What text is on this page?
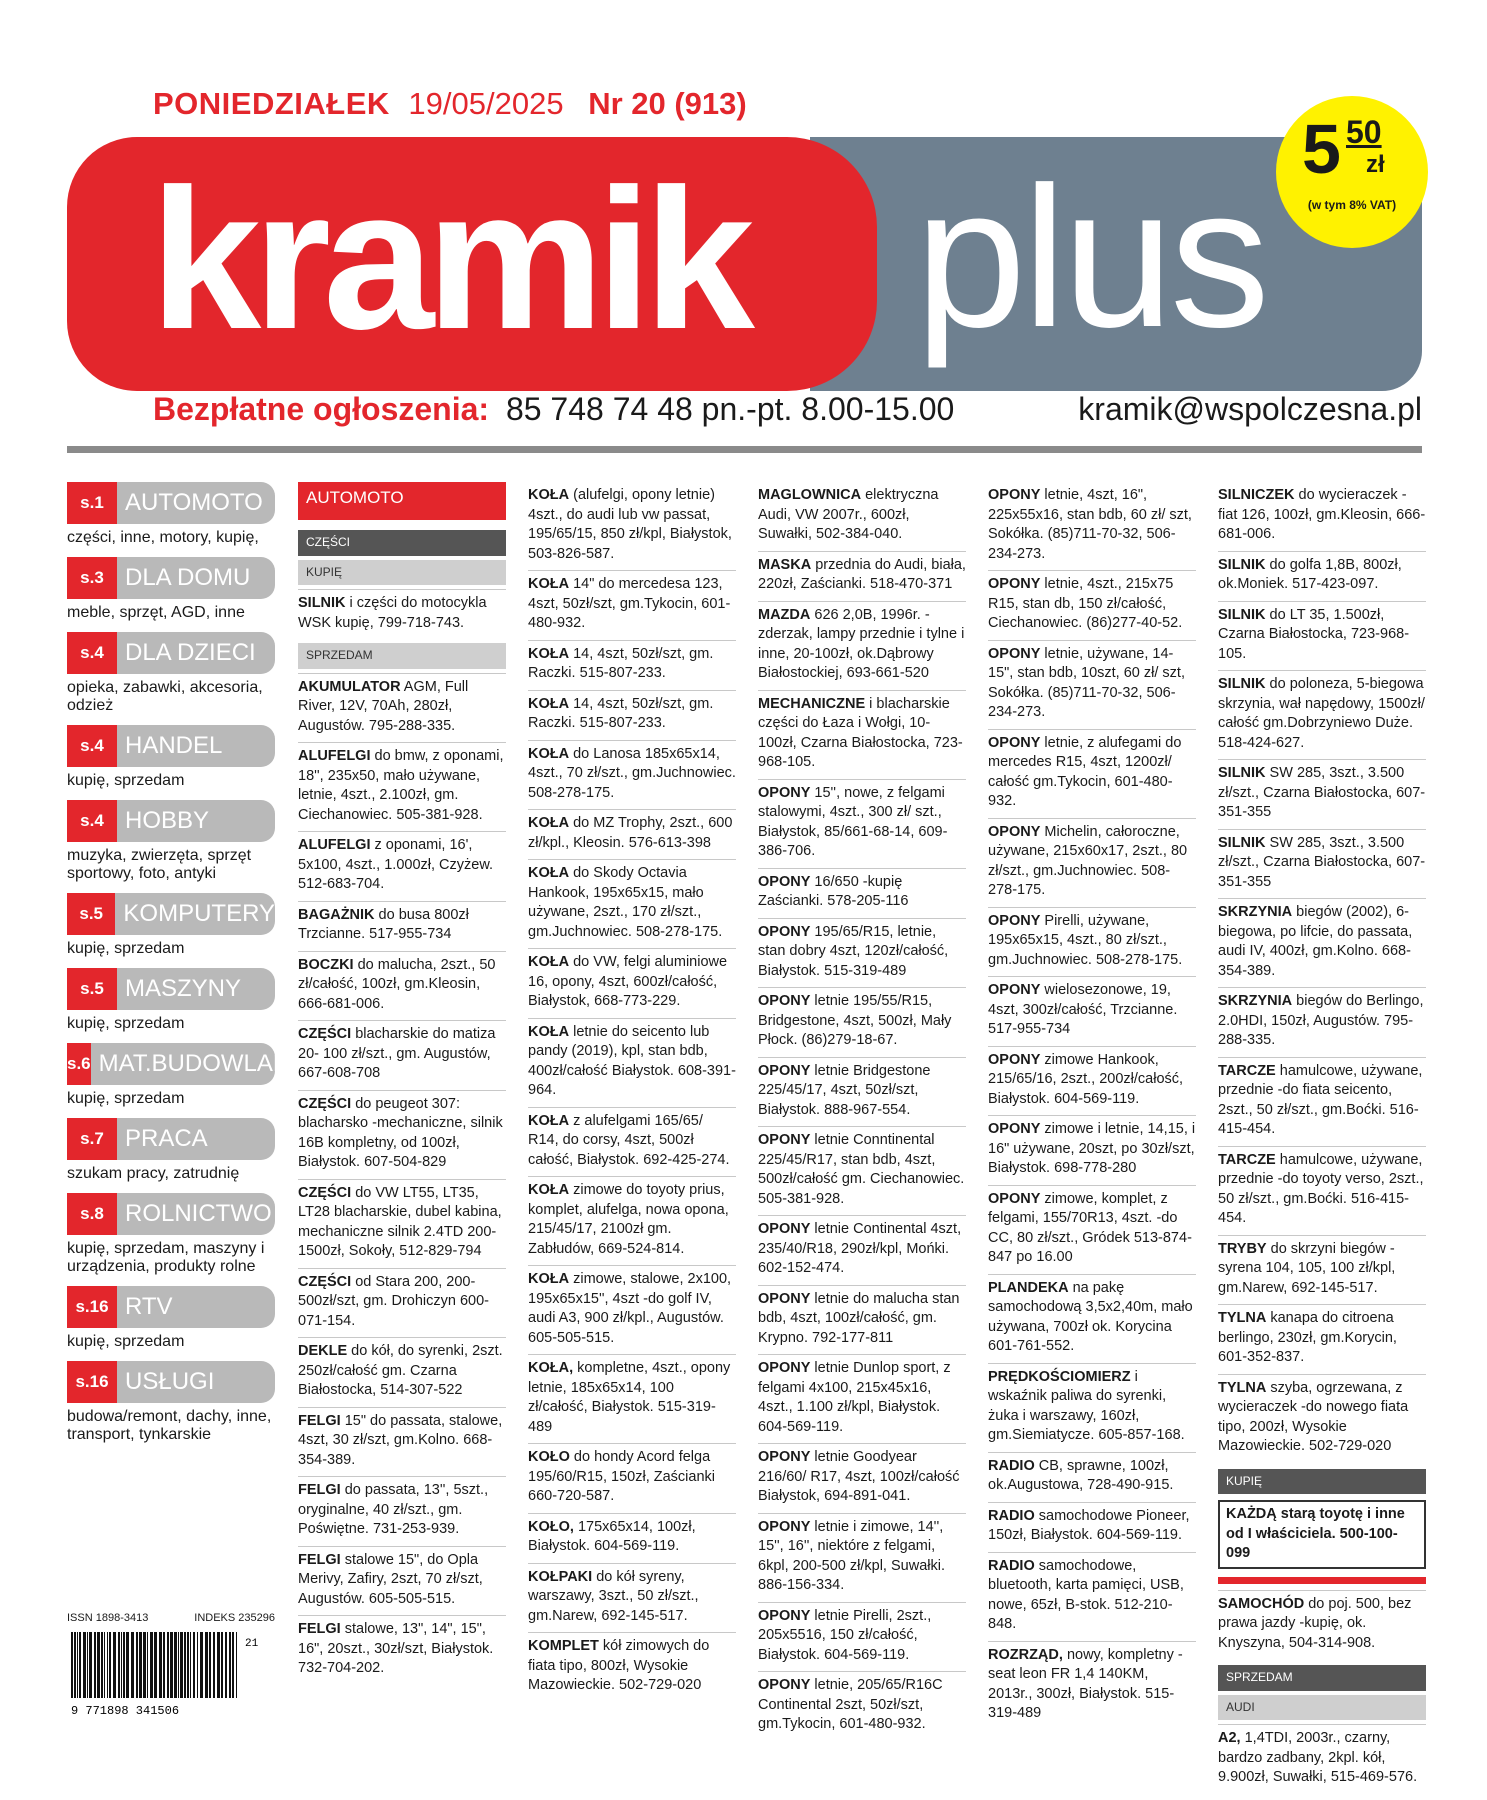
PONIEDZIAŁEK 19/05/2025 Nr 20 (913)
kramik plus 5 50
zł
(w tym 8% VAT)
Bezpłatne ogłoszenia: 85 748 74 48 pn.-pt. 8.00-15.00	kramik@wspolczesna.pl
s.1 AUTOMOTO

części, inne, motory, kupię,

s.3 DLA DOMU

meble, sprzęt, AGD, inne

s.4 DLA DZIECI

opieka, zabawki, akcesoria, odzież

s.4 HANDEL

kupię, sprzedam

s.4 HOBBY

muzyka, zwierzęta, sprzęt sportowy, foto, antyki

s.5 KOMPUTERY

kupię, sprzedam

s.5 MASZYNY

kupię, sprzedam

s.6 MAT.BUDOWLANE

kupię, sprzedam

s.7 PRACA

szukam pracy, zatrudnię

s.8 ROLNICTWO

kupię, sprzedam, maszyny i urządzenia, produkty rolne

s.16 RTV

kupię, sprzedam

s.16 USŁUGI

budowa/remont, dachy, inne, transport, tynkarskie

ISSN 1898-3413	INDEKS 235296
9 771898 341506
21
AUTOMOTO
CZĘŚCI
KUPIĘ
SILNIK i części do motocykla WSK kupię, 799-718-743.
SPRZEDAM
AKUMULATOR AGM, Full River, 12V, 70Ah, 280zł, Augustów. 795-288-335.
ALUFELGI do bmw, z oponami, 18'', 235x50, mało używane, letnie, 4szt., 2.100zł, gm. Ciechanowiec. 505-381-928.
ALUFELGI z oponami, 16', 5x100, 4szt., 1.000zł, Czyżew. 512-683-704.
BAGAŻNIK do busa 800zł Trzcianne. 517-955-734
BOCZKI do malucha, 2szt., 50 zł/całość, 100zł, gm.Kleosin, 666-681-006.
CZĘŚCI blacharskie do matiza 20- 100 zł/szt., gm. Augustów, 667-608-708
CZĘŚCI do peugeot 307: blacharsko -mechaniczne, silnik 16B kompletny, od 100zł, Białystok. 607-504-829
CZĘŚCI do VW LT55, LT35, LT28 blacharskie, dubel kabina, mechaniczne silnik 2.4TD 200-1500zł, Sokoły, 512-829-794
CZĘŚCI od Stara 200, 200-500zł/szt, gm. Drohiczyn 600-071-154.
DEKLE do kół, do syrenki, 2szt. 250zł/całość gm. Czarna Białostocka, 514-307-522
FELGI 15" do passata, stalowe, 4szt, 30 zł/szt, gm.Kolno. 668-354-389.
FELGI do passata, 13'', 5szt., oryginalne, 40 zł/szt., gm. Poświętne. 731-253-939.
FELGI stalowe 15", do Opla Merivy, Zafiry, 2szt, 70 zł/szt, Augustów. 605-505-515.
FELGI stalowe, 13", 14", 15", 16", 20szt., 30zł/szt, Białystok. 732-704-202.
KOŁA (alufelgi, opony letnie) 4szt., do audi lub vw passat, 195/65/15, 850 zł/kpl, Białystok, 503-826-587.
KOŁA 14" do mercedesa 123, 4szt, 50zł/szt, gm.Tykocin, 601-480-932.
KOŁA 14, 4szt, 50zł/szt, gm. Raczki. 515-807-233.
KOŁA 14, 4szt, 50zł/szt, gm. Raczki. 515-807-233.
KOŁA do Lanosa 185x65x14, 4szt., 70 zł/szt., gm.Juchnowiec. 508-278-175.
KOŁA do MZ Trophy, 2szt., 600 zł/kpl., Kleosin. 576-613-398
KOŁA do Skody Octavia Hankook, 195x65x15, mało używane, 2szt., 170 zł/szt., gm.Juchnowiec. 508-278-175.
KOŁA do VW, felgi aluminiowe 16, opony, 4szt, 600zł/całość, Białystok, 668-773-229.
KOŁA letnie do seicento lub pandy (2019), kpl, stan bdb, 400zł/całość Białystok. 608-391-964.
KOŁA z alufelgami 165/65/ R14, do corsy, 4szt, 500zł całość, Białystok. 692-425-274.
KOŁA zimowe do toyoty prius, komplet, alufelga, nowa opona, 215/45/17, 2100zł gm. Zabłudów, 669-524-814.
KOŁA zimowe, stalowe, 2x100, 195x65x15'', 4szt -do golf IV, audi A3, 900 zł/kpl., Augustów. 605-505-515.
KOŁA, kompletne, 4szt., opony letnie, 185x65x14, 100 zł/całość, Białystok. 515-319-489
KOŁO do hondy Acord felga 195/60/R15, 150zł, Zaścianki 660-720-587.
KOŁO, 175x65x14, 100zł, Białystok. 604-569-119.
KOŁPAKI do kół syreny, warszawy, 3szt., 50 zł/szt., gm.Narew, 692-145-517.
KOMPLET kół zimowych do fiata tipo, 800zł, Wysokie Mazowieckie. 502-729-020
MAGLOWNICA elektryczna Audi, VW 2007r., 600zł, Suwałki, 502-384-040.
MASKA przednia do Audi, biała, 220zł, Zaścianki. 518-470-371
MAZDA 626 2,0B, 1996r. -zderzak, lampy przednie i tylne i inne, 20-100zł, ok.Dąbrowy Białostockiej, 693-661-520
MECHANICZNE i blacharskie części do Łaza i Wołgi, 10-100zł, Czarna Białostocka, 723-968-105.
OPONY 15'', nowe, z felgami stalowymi, 4szt., 300 zł/ szt., Białystok, 85/661-68-14, 609-386-706.
OPONY 16/650 -kupię Zaścianki. 578-205-116
OPONY 195/65/R15, letnie, stan dobry 4szt, 120zł/całość, Białystok. 515-319-489
OPONY letnie 195/55/R15, Bridgestone, 4szt, 500zł, Mały Płock. (86)279-18-67.
OPONY letnie Bridgestone 225/45/17, 4szt, 50zł/szt, Białystok. 888-967-554.
OPONY letnie Conntinental 225/45/R17, stan bdb, 4szt, 500zł/całość gm. Ciechanowiec. 505-381-928.
OPONY letnie Continental 4szt, 235/40/R18, 290zł/kpl, Mońki. 602-152-474.
OPONY letnie do malucha stan bdb, 4szt, 100zł/całość, gm. Krypno. 792-177-811
OPONY letnie Dunlop sport, z felgami 4x100, 215x45x16, 4szt., 1.100 zł/kpl, Białystok. 604-569-119.
OPONY letnie Goodyear 216/60/ R17, 4szt, 100zł/całość Białystok, 694-891-041.
OPONY letnie i zimowe, 14'', 15'', 16'', niektóre z felgami, 6kpl, 200-500 zł/kpl, Suwałki. 886-156-334.
OPONY letnie Pirelli, 2szt., 205x5516, 150 zł/całość, Białystok. 604-569-119.
OPONY letnie, 205/65/R16C Continental 2szt, 50zł/szt, gm.Tykocin, 601-480-932.
OPONY letnie, 4szt, 16", 225x55x16, stan bdb, 60 zł/ szt, Sokółka. (85)711-70-32, 506-234-273.
OPONY letnie, 4szt., 215x75 R15, stan db, 150 zł/całość, Ciechanowiec. (86)277-40-52.
OPONY letnie, używane, 14-15", stan bdb, 10szt, 60 zł/ szt, Sokółka. (85)711-70-32, 506-234-273.
OPONY letnie, z alufegami do mercedes R15, 4szt, 1200zł/ całość gm.Tykocin, 601-480-932.
OPONY Michelin, całoroczne, używane, 215x60x17, 2szt., 80 zł/szt., gm.Juchnowiec. 508-278-175.
OPONY Pirelli, używane, 195x65x15, 4szt., 80 zł/szt., gm.Juchnowiec. 508-278-175.
OPONY wielosezonowe, 19, 4szt, 300zł/całość, Trzcianne. 517-955-734
OPONY zimowe Hankook, 215/65/16, 2szt., 200zł/całość, Białystok. 604-569-119.
OPONY zimowe i letnie, 14,15, i 16" używane, 20szt, po 30zł/szt, Białystok. 698-778-280
OPONY zimowe, komplet, z felgami, 155/70R13, 4szt. -do CC, 80 zł/szt., Gródek 513-874-847 po 16.00
PLANDEKA na pakę samochodową 3,5x2,40m, mało używana, 700zł ok. Korycina 601-761-552.
PRĘDKOŚCIOMIERZ i wskaźnik paliwa do syrenki, żuka i warszawy, 160zł, gm.Siemiatycze. 605-857-168.
RADIO CB, sprawne, 100zł, ok.Augustowa, 728-490-915.
RADIO samochodowe Pioneer, 150zł, Białystok. 604-569-119.
RADIO samochodowe, bluetooth, karta pamięci, USB, nowe, 65zł, B-stok. 512-210-848.
ROZRZĄD, nowy, kompletny -seat leon FR 1,4 140KM, 2013r., 300zł, Białystok. 515-319-489
SILNICZEK do wycieraczek - fiat 126, 100zł, gm.Kleosin, 666-681-006.
SILNIK do golfa 1,8B, 800zł, ok.Moniek. 517-423-097.
SILNIK do LT 35, 1.500zł, Czarna Białostocka, 723-968-105.
SILNIK do poloneza, 5-biegowa skrzynia, wał napędowy, 1500zł/ całość gm.Dobrzyniewo Duże. 518-424-627.
SILNIK SW 285, 3szt., 3.500 zł/szt., Czarna Białostocka, 607-351-355
SILNIK SW 285, 3szt., 3.500 zł/szt., Czarna Białostocka, 607-351-355
SKRZYNIA biegów (2002), 6-biegowa, po lifcie, do passata, audi IV, 400zł, gm.Kolno. 668-354-389.
SKRZYNIA biegów do Berlingo, 2.0HDI, 150zł, Augustów. 795-288-335.
TARCZE hamulcowe, używane, przednie -do fiata seicento, 2szt., 50 zł/szt., gm.Boćki. 516-415-454.
TARCZE hamulcowe, używane, przednie -do toyoty verso, 2szt., 50 zł/szt., gm.Boćki. 516-415-454.
TRYBY do skrzyni biegów -syrena 104, 105, 100 zł/kpl, gm.Narew, 692-145-517.
TYLNA kanapa do citroena berlingo, 230zł, gm.Korycin, 601-352-837.
TYLNA szyba, ogrzewana, z wycieraczek -do nowego fiata tipo, 200zł, Wysokie Mazowieckie. 502-729-020
KUPIĘ
KAŻDĄ starą toyotę i inne od I właściciela. 500-100-099
SAMOCHÓD do poj. 500, bez prawa jazdy -kupię, ok. Knyszyna, 504-314-908.
SPRZEDAM
AUDI
A2, 1,4TDI, 2003r., czarny, bardzo zadbany, 2kpl. kół, 9.900zł, Suwałki, 515-469-576.
